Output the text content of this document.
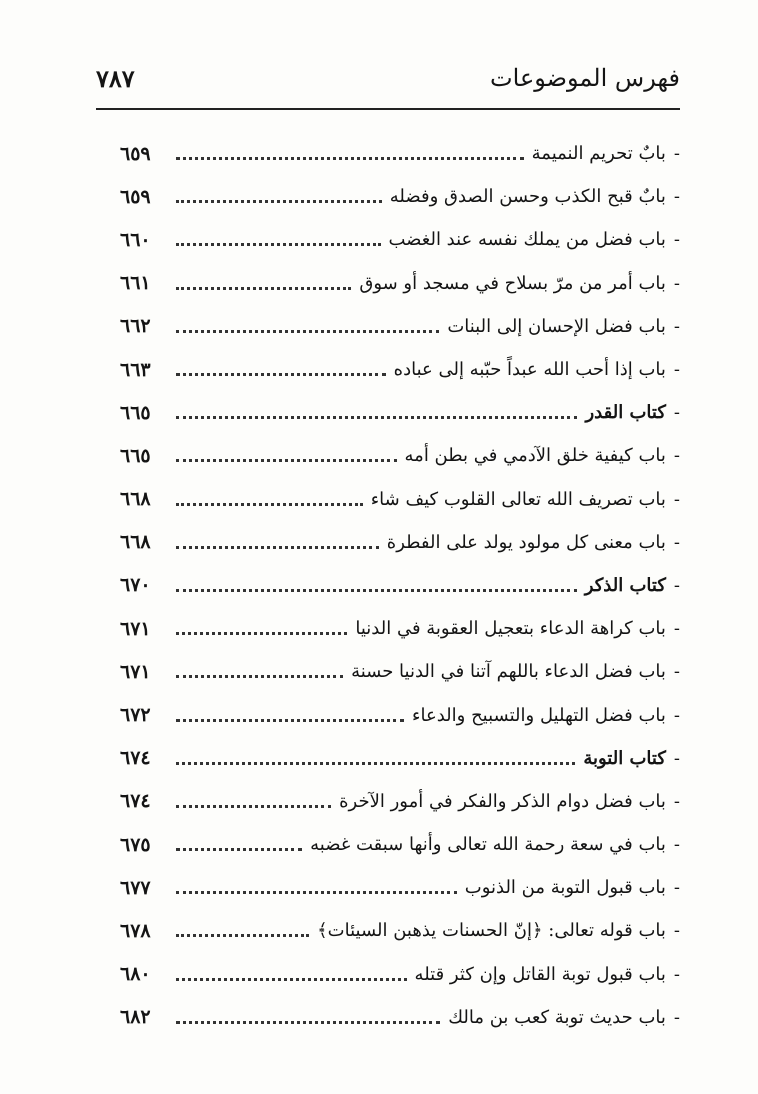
٧٨٧	فهرس الموضوعات
-
بابٌ تحريم النميمة
٦٥٩
-
بابٌ قبح الكذب وحسن الصدق وفضله
٦٥٩
-
باب فضل من يملك نفسه عند الغضب
٦٦٠
-
باب أمر من مرّ بسلاح في مسجد أو سوق
٦٦١
-
باب فضل الإحسان إلى البنات
٦٦٢
-
باب إذا أحب الله عبداً حبّبه إلى عباده
٦٦٣
-
كتاب القدر
٦٦٥
-
باب كيفية خلق الآدمي في بطن أمه
٦٦٥
-
باب تصريف الله تعالى القلوب كيف شاء
٦٦٨
-
باب معنى كل مولود يولد على الفطرة
٦٦٨
-
كتاب الذكر
٦٧٠
-
باب كراهة الدعاء بتعجيل العقوبة في الدنيا
٦٧١
-
باب فضل الدعاء باللهم آتنا في الدنيا حسنة
٦٧١
-
باب فضل التهليل والتسبيح والدعاء
٦٧٢
-
كتاب التوبة
٦٧٤
-
باب فضل دوام الذكر والفكر في أمور الآخرة
٦٧٤
-
باب في سعة رحمة الله تعالى وأنها سبقت غضبه
٦٧٥
-
باب قبول التوبة من الذنوب
٦٧٧
-
باب قوله تعالى: ﴿إنّ الحسنات يذهبن السيئات﴾
٦٧٨
-
باب قبول توبة القاتل وإن كثر قتله
٦٨٠
-
باب حديث توبة كعب بن مالك
٦٨٢
